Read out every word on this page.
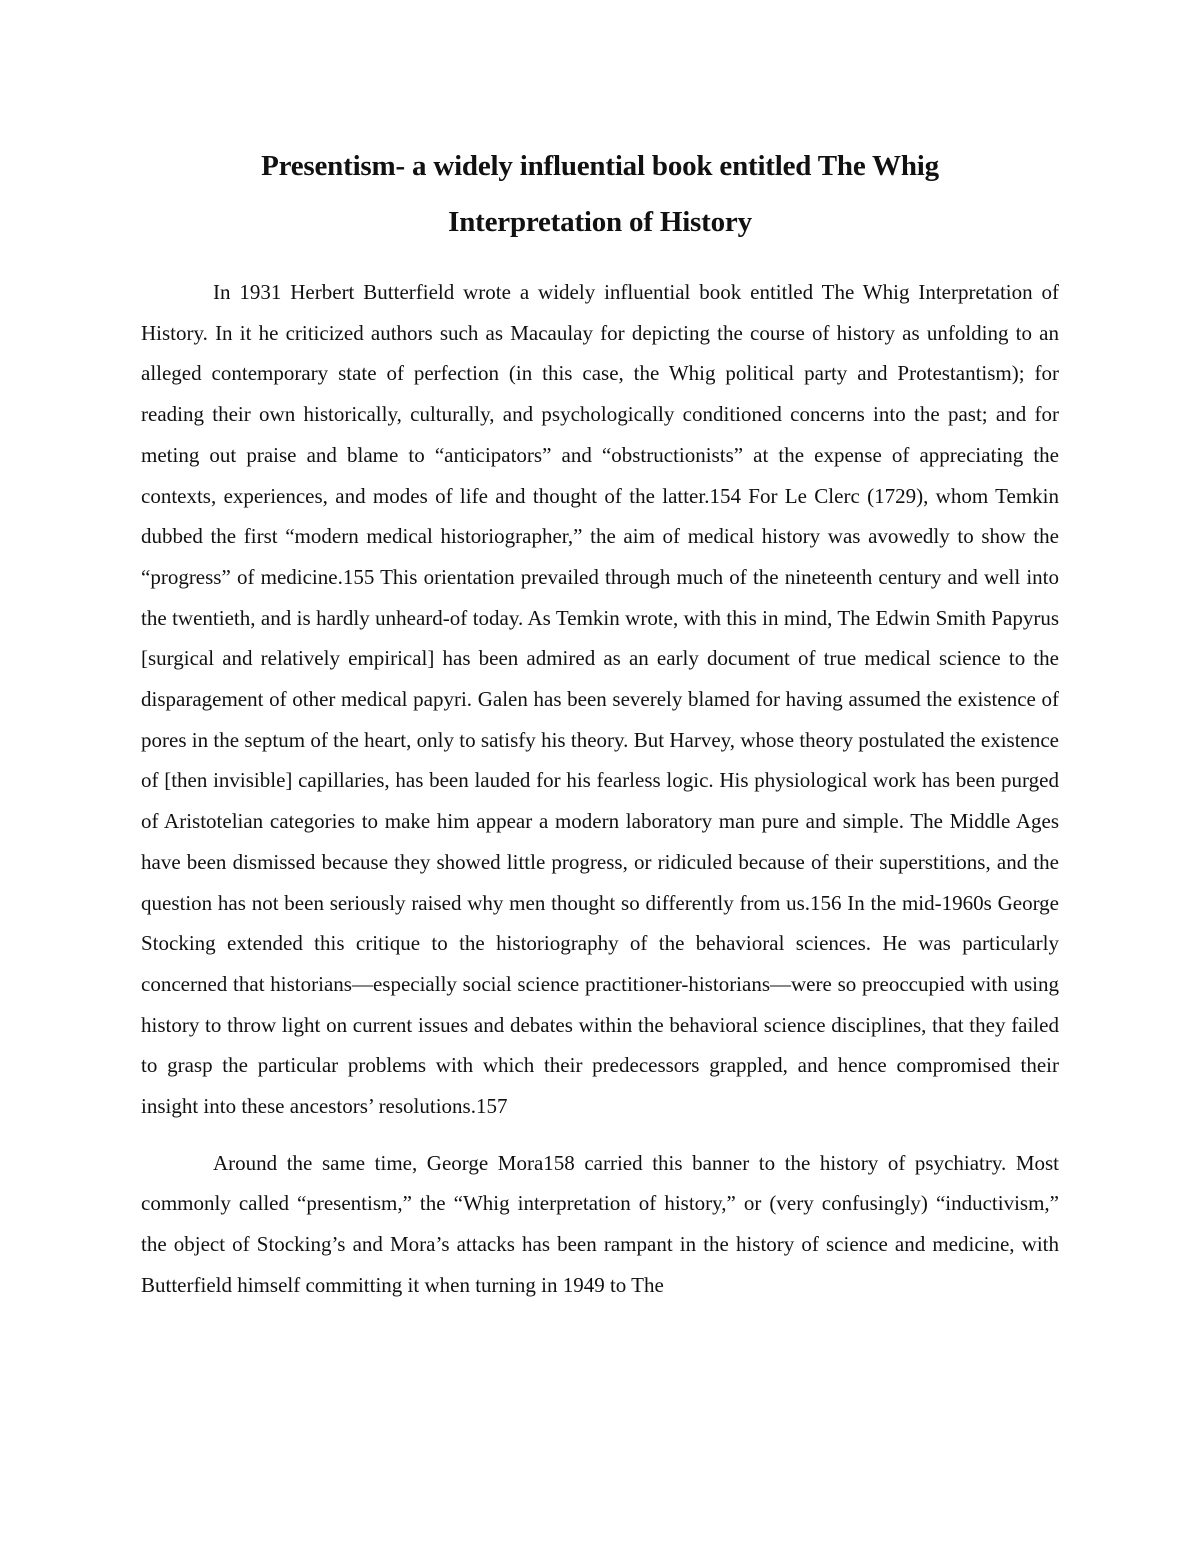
Presentism- a widely influential book entitled The Whig
Interpretation of History

In 1931 Herbert Butterfield wrote a widely influential book entitled The Whig Interpretation of History. In it he criticized authors such as Macaulay for depicting the course of history as unfolding to an alleged contemporary state of perfection (in this case, the Whig political party and Protestantism); for reading their own historically, culturally, and psychologically conditioned concerns into the past; and for meting out praise and blame to “anticipators” and “obstructionists” at the expense of appreciating the contexts, experiences, and modes of life and thought of the latter.154 For Le Clerc (1729), whom Temkin dubbed the first “modern medical historiographer,” the aim of medical history was avowedly to show the “progress” of medicine.155 This orientation prevailed through much of the nineteenth century and well into the twentieth, and is hardly unheard-of today. As Temkin wrote, with this in mind, The Edwin Smith Papyrus [surgical and relatively empirical] has been admired as an early document of true medical science to the disparagement of other medical papyri. Galen has been severely blamed for having assumed the existence of pores in the septum of the heart, only to satisfy his theory. But Harvey, whose theory postulated the existence of [then invisible] capillaries, has been lauded for his fearless logic. His physiological work has been purged of Aristotelian categories to make him appear a modern laboratory man pure and simple. The Middle Ages have been dismissed because they showed little progress, or ridiculed because of their superstitions, and the question has not been seriously raised why men thought so differently from us.156 In the mid-1960s George Stocking extended this critique to the historiography of the behavioral sciences. He was particularly concerned that historians—especially social science practitioner-historians—were so preoccupied with using history to throw light on current issues and debates within the behavioral science disciplines, that they failed to grasp the particular problems with which their predecessors grappled, and hence compromised their insight into these ancestors’ resolutions.157

Around the same time, George Mora158 carried this banner to the history of psychiatry. Most commonly called “presentism,” the “Whig interpretation of history,” or (very confusingly) “inductivism,” the object of Stocking’s and Mora’s attacks has been rampant in the history of science and medicine, with Butterfield himself committing it when turning in 1949 to The
